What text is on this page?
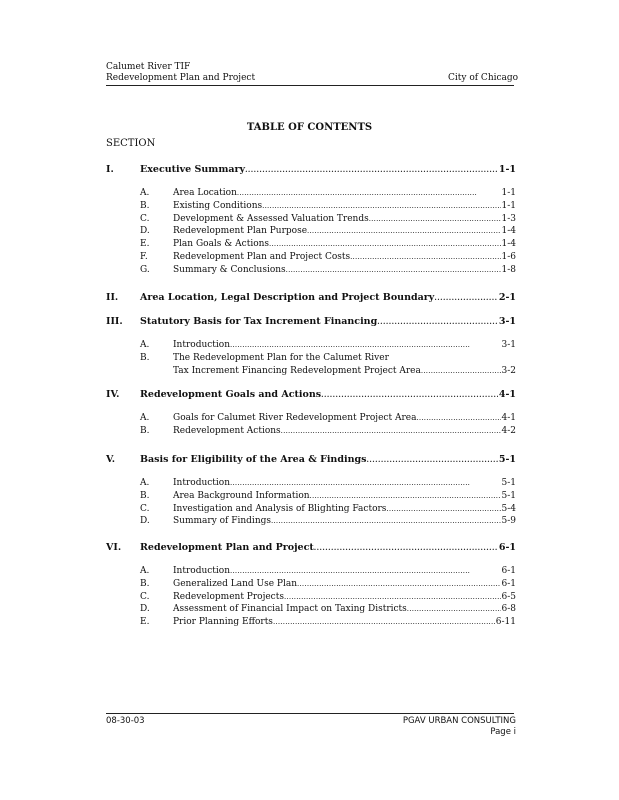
Calumet River TIF
Redevelopment Plan and Project	City of Chicago
TABLE OF CONTENTS
SECTION
I.	Executive Summary . . .	1-1
A.	Area Location . . .	1-1
B.	Existing Conditions . . .	1-1
C.	Development & Assessed Valuation Trends . . .	1-3
D.	Redevelopment Plan Purpose . . .	1-4
E.	Plan Goals & Actions . . .	1-4
F.	Redevelopment Plan and Project Costs . . .	1-6
G.	Summary & Conclusions . . .	1-8
II. Area Location, Legal Description and Project Boundary . . .	2-1
III. Statutory Basis for Tax Increment Financing . . .	3-1
A.	Introduction . . .	3-1
B.	The Redevelopment Plan for the Calumet River
Tax Increment Financing Redevelopment Project Area . . .	3-2
IV. Redevelopment Goals and Actions . . .	4-1
A.	Goals for Calumet River Redevelopment Project Area . . .	4-1
B.	Redevelopment Actions . . .	4-2
V.	Basis for Eligibility of the Area & Findings . . .	5-1
A.	Introduction . . .	5-1
B.	Area Background Information . . .	5-1
C.	Investigation and Analysis of Blighting Factors . . .	5-4
D.	Summary of Findings . . .	5-9
VI. Redevelopment Plan and Project . . .	6-1
A.	Introduction . . .	6-1
B.	Generalized Land Use Plan . . .	6-1
C.	Redevelopment Projects . . .	6-5
D.	Assessment of Financial Impact on Taxing Districts . . .	6-8
E.	Prior Planning Efforts . . .	6-11
08-30-03	PGAV URBAN CONSULTING
Page i
